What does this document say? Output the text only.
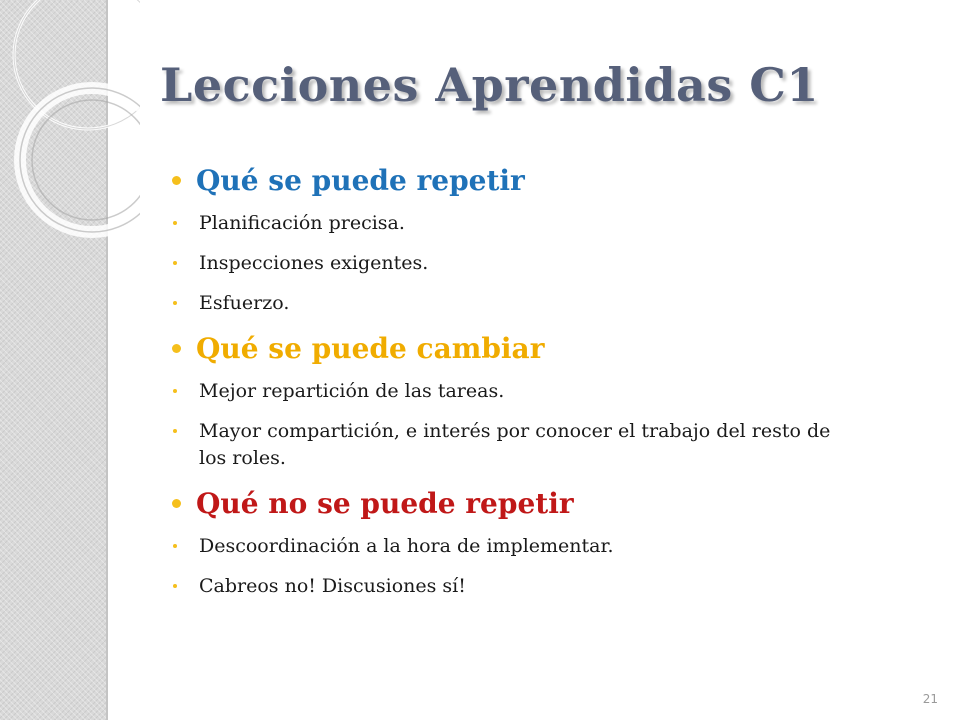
Lecciones Aprendidas C1
Qué se puede repetir
Planificación precisa.
Inspecciones exigentes.
Esfuerzo.
Qué se puede cambiar
Mejor repartición de las tareas.
Mayor compartición, e interés por conocer el trabajo del resto de los roles.
Qué no se puede repetir
Descoordinación a la hora de implementar.
Cabreos no! Discusiones sí!
21
